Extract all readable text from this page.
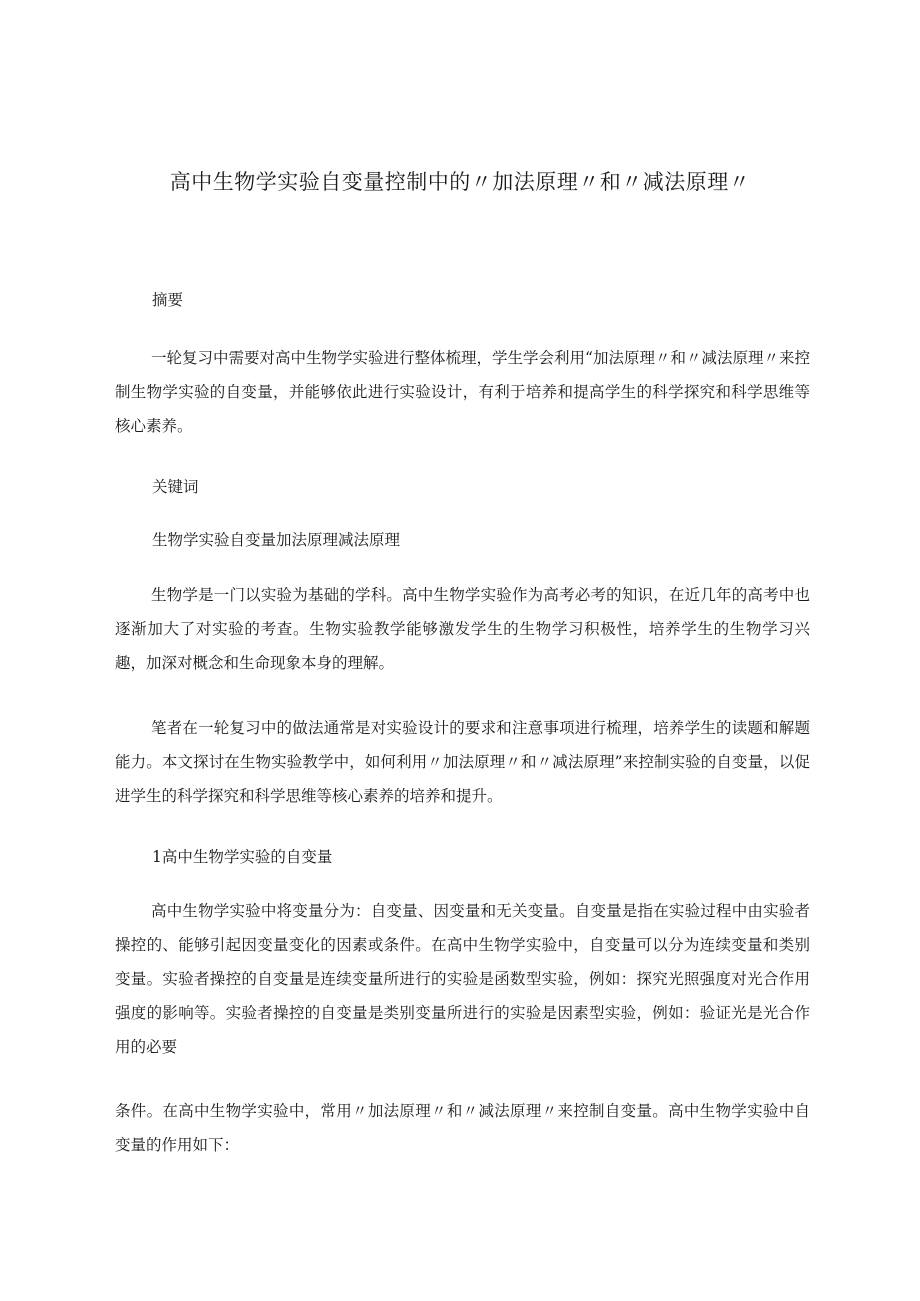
高中生物学实验自变量控制中的〃加法原理〃和〃减法原理〃
摘要
一轮复习中需要对高中生物学实验进行整体梳理，学生学会利用“加法原理〃和〃减法原理〃来控制生物学实验的自变量，并能够依此进行实验设计，有利于培养和提高学生的科学探究和科学思维等核心素养。
关键词
生物学实验自变量加法原理减法原理
生物学是一门以实验为基础的学科。高中生物学实验作为高考必考的知识，在近几年的高考中也逐渐加大了对实验的考查。生物实验教学能够激发学生的生物学习积极性，培养学生的生物学习兴趣，加深对概念和生命现象本身的理解。
笔者在一轮复习中的做法通常是对实验设计的要求和注意事项进行梳理，培养学生的读题和解题能力。本文探讨在生物实验教学中，如何利用〃加法原理〃和〃减法原理”来控制实验的自变量，以促进学生的科学探究和科学思维等核心素养的培养和提升。
1高中生物学实验的自变量
高中生物学实验中将变量分为：自变量、因变量和无关变量。自变量是指在实验过程中由实验者操控的、能够引起因变量变化的因素或条件。在高中生物学实验中，自变量可以分为连续变量和类别变量。实验者操控的自变量是连续变量所进行的实验是函数型实验，例如：探究光照强度对光合作用强度的影响等。实验者操控的自变量是类别变量所进行的实验是因素型实验，例如：验证光是光合作用的必要
条件。在高中生物学实验中，常用〃加法原理〃和〃减法原理〃来控制自变量。高中生物学实验中自变量的作用如下：
